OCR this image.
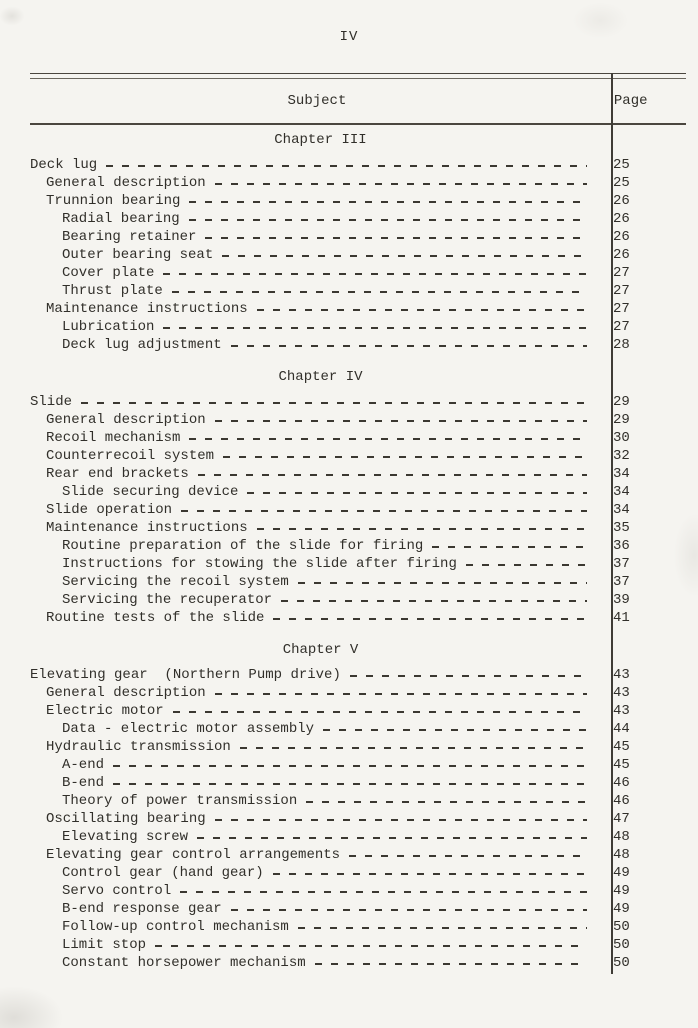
IV
Subject	Page
Chapter III
Deck lug	25
General description	25
Trunnion bearing	26
Radial bearing	26
Bearing retainer	26
Outer bearing seat	26
Cover plate	27
Thrust plate	27
Maintenance instructions	27
Lubrication	27
Deck lug adjustment	28
Chapter IV
Slide	29
General description	29
Recoil mechanism	30
Counterrecoil system	32
Rear end brackets	34
Slide securing device	34
Slide operation	34
Maintenance instructions	35
Routine preparation of the slide for firing	36
Instructions for stowing the slide after firing	37
Servicing the recoil system	37
Servicing the recuperator	39
Routine tests of the slide	41
Chapter V
Elevating gear  (Northern Pump drive)	43
General description	43
Electric motor	43
Data - electric motor assembly	44
Hydraulic transmission	45
A-end	45
B-end	46
Theory of power transmission	46
Oscillating bearing	47
Elevating screw	48
Elevating gear control arrangements	48
Control gear (hand gear)	49
Servo control	49
B-end response gear	49
Follow-up control mechanism	50
Limit stop	50
Constant horsepower mechanism	50
